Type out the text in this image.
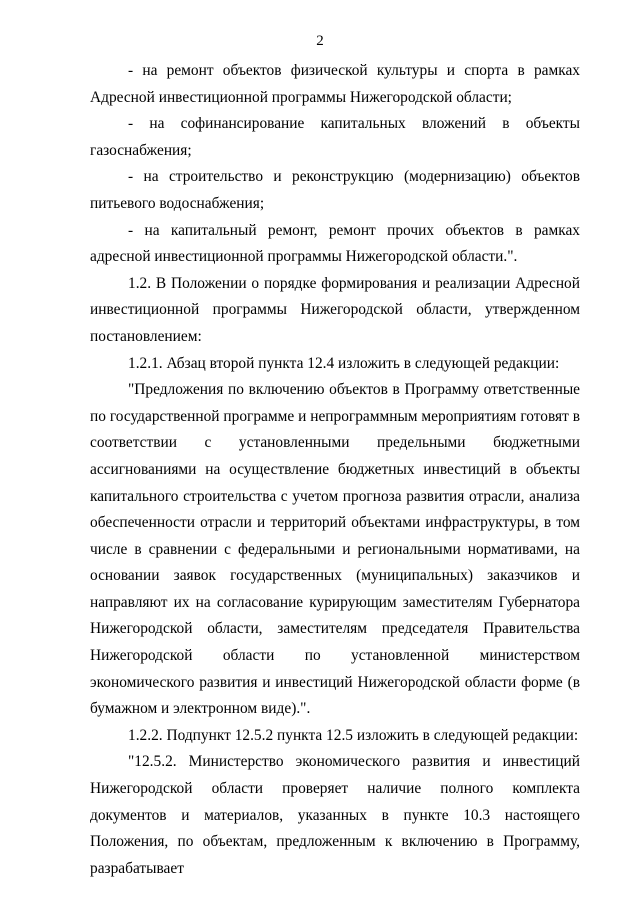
2

- на ремонт объектов физической культуры и спорта в рамках Адресной инвестиционной программы Нижегородской области;

- на софинансирование капитальных вложений в объекты газоснабжения;

- на строительство и реконструкцию (модернизацию) объектов питьевого водоснабжения;

- на капитальный ремонт, ремонт прочих объектов в рамках адресной инвестиционной программы Нижегородской области.".

1.2. В Положении о порядке формирования и реализации Адресной инвестиционной программы Нижегородской области, утвержденном постановлением:

1.2.1. Абзац второй пункта 12.4 изложить в следующей редакции:

"Предложения по включению объектов в Программу ответственные по государственной программе и непрограммным мероприятиям готовят в соответствии с установленными предельными бюджетными ассигнованиями на осуществление бюджетных инвестиций в объекты капитального строительства с учетом прогноза развития отрасли, анализа обеспеченности отрасли и территорий объектами инфраструктуры, в том числе в сравнении с федеральными и региональными нормативами, на основании заявок государственных (муниципальных) заказчиков и направляют их на согласование курирующим заместителям Губернатора Нижегородской области, заместителям председателя Правительства Нижегородской области по установленной министерством экономического развития и инвестиций Нижегородской области форме (в бумажном и электронном виде).".

1.2.2. Подпункт 12.5.2 пункта 12.5 изложить в следующей редакции:

"12.5.2. Министерство экономического развития и инвестиций Нижегородской области проверяет наличие полного комплекта документов и материалов, указанных в пункте 10.3 настоящего Положения, по объектам, предложенным к включению в Программу, разрабатывает
